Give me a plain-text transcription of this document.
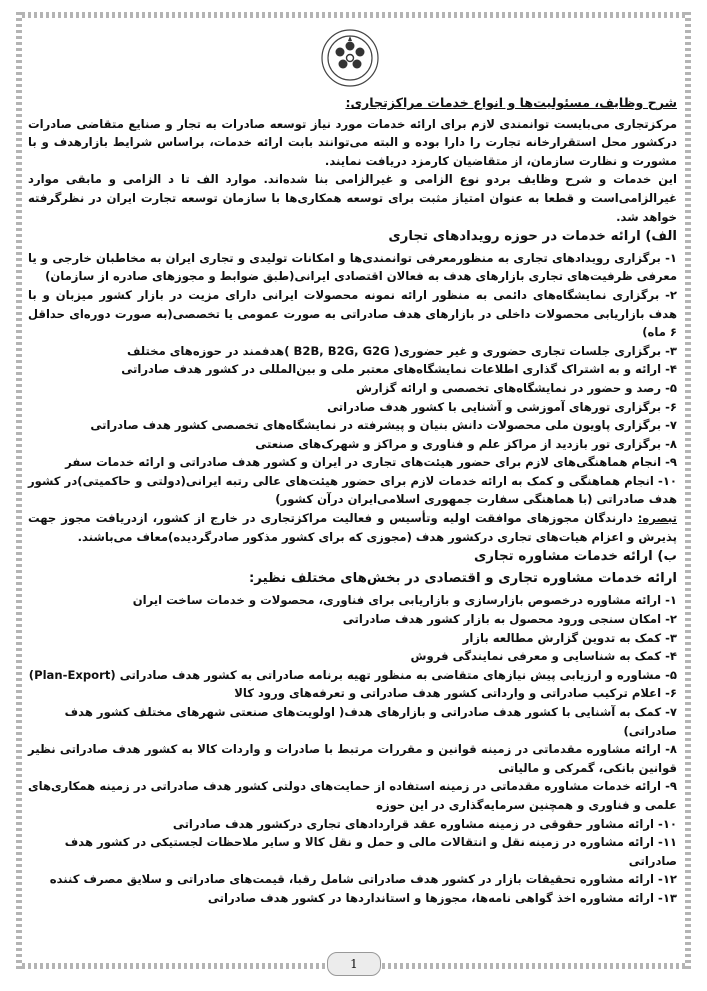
شرح وظایف، مسئولیت‌ها و انواع خدمات مراکزتجاری:

مرکزتجاری می‌بایست توانمندی لازم برای ارائه خدمات مورد نیاز توسعه صادرات به تجار و صنایع متقاضی صادرات درکشور محل استقرارخانه تجارت را دارا بوده و البته می‌توانند بابت ارائه خدمات، براساس شرایط بازارهدف و با مشورت و نظارت سازمان، از متقاضیان کارمزد دریافت نمایند.

این خدمات و شرح وظایف بردو نوع الزامی و غیرالزامی بنا شده‌اند. موارد الف تا د الزامی و مابقی موارد غیرالزامی‌است و قطعا به عنوان امتیاز مثبت برای توسعه همکاری‌ها با سازمان توسعه تجارت ایران در نظرگرفته خواهد شد.

الف) ارائه خدمات در حوزه رویدادهای تجاری

۱- برگزاری رویدادهای تجاری به منظورمعرفی توانمندی‌ها و امکانات تولیدی و تجاری ایران به مخاطبان خارجی و یا معرفی ظرفیت‌های تجاری بازارهای هدف به فعالان اقتصادی ایرانی(طبق ضوابط و مجوزهای صادره از سازمان)

۲- برگزاری نمایشگاه‌های دائمی به منظور ارائه نمونه محصولات ایرانی دارای مزیت در بازار کشور میزبان و با هدف بازاریابی محصولات داخلی در بازارهای هدف صادراتی به صورت عمومی یا تخصصی(به صورت دوره‌ای حداقل ۶ ماه)

۳- برگزاری جلسات تجاری حضوری و غیر حضوری( B2B, B2G, G2G )هدفمند در حوزه‌های مختلف

۴- ارائه و به اشتراک گذاری اطلاعات نمایشگاه‌های معتبر ملی و بین‌المللی در کشور هدف صادراتی

۵- رصد و حضور در نمایشگاه‌های تخصصی و ارائه گزارش

۶- برگزاری تورهای آموزشی و آشنایی با کشور هدف صادراتی

۷- برگزاری پاویون ملی محصولات دانش بنیان و پیشرفته در نمایشگاه‌های تخصصی کشور هدف صادراتی

۸- برگزاری تور بازدید از مراکز علم و فناوری و مراکز و شهرک‌های صنعتی

۹- انجام هماهنگی‌های لازم برای حضور هیئت‌های تجاری در ایران و کشور هدف صادراتی و ارائه خدمات سفر

۱۰- انجام هماهنگی و کمک به ارائه خدمات لازم برای حضور هیئت‌های عالی رتبه ایرانی(دولتی و حاکمیتی)در کشور هدف صادراتی (با هماهنگی سفارت جمهوری اسلامی‌ایران درآن کشور)

تبصره: دارندگان مجوزهای موافقت اولیه وتأسیس و فعالیت مراکزتجاری در خارج از کشور، ازدریافت مجوز جهت پذیرش و اعزام هیات‌های تجاری درکشور هدف (مجوزی که برای کشور مذکور صادرگردیده)معاف می‌باشند.

ب) ارائه خدمات مشاوره تجاری

ارائه خدمات مشاوره تجاری و اقتصادی در بخش‌های مختلف نظیر:

۱- ارائه مشاوره درخصوص بازارسازی و بازاریابی برای فناوری، محصولات و خدمات ساخت ایران

۲- امکان سنجی ورود محصول به بازار کشور هدف صادراتی

۳- کمک به تدوین گزارش مطالعه بازار

۴- کمک به شناسایی و معرفی نمایندگی فروش

۵- مشاوره و ارزیابی پیش نیازهای متقاضی به منظور تهیه برنامه صادراتی به کشور هدف صادراتی (Plan-Export)

۶- اعلام ترکیب صادراتی و وارداتی کشور هدف صادراتی و تعرفه‌های ورود کالا

۷- کمک به آشنایی با کشور هدف صادراتی و بازارهای هدف( اولویت‌های صنعتی شهرهای مختلف کشور هدف صادراتی)

۸- ارائه مشاوره مقدماتی در زمینه قوانین و مقررات مرتبط با صادرات و واردات کالا به کشور هدف صادراتی نظیر قوانین بانکی، گمرکی و مالیاتی

۹- ارائه خدمات مشاوره مقدماتی در زمینه استفاده از حمایت‌های دولتی کشور هدف صادراتی در زمینه همکاری‌های علمی و فناوری و همچنین سرمایه‌گذاری در این حوزه

۱۰- ارائه مشاور حقوقی در زمینه مشاوره عقد قراردادهای تجاری درکشور هدف صادراتی

۱۱- ارائه مشاوره در زمینه نقل و انتقالات مالی و حمل و نقل کالا و سایر ملاحظات لجستیکی در کشور هدف صادراتی

۱۲- ارائه مشاوره تحقیقات بازار در کشور هدف صادراتی شامل رقبا، قیمت‌های صادراتی و سلایق مصرف کننده

۱۳- ارائه مشاوره اخذ گواهی نامه‌ها، مجوزها و استانداردها در کشور هدف صادراتی

1
